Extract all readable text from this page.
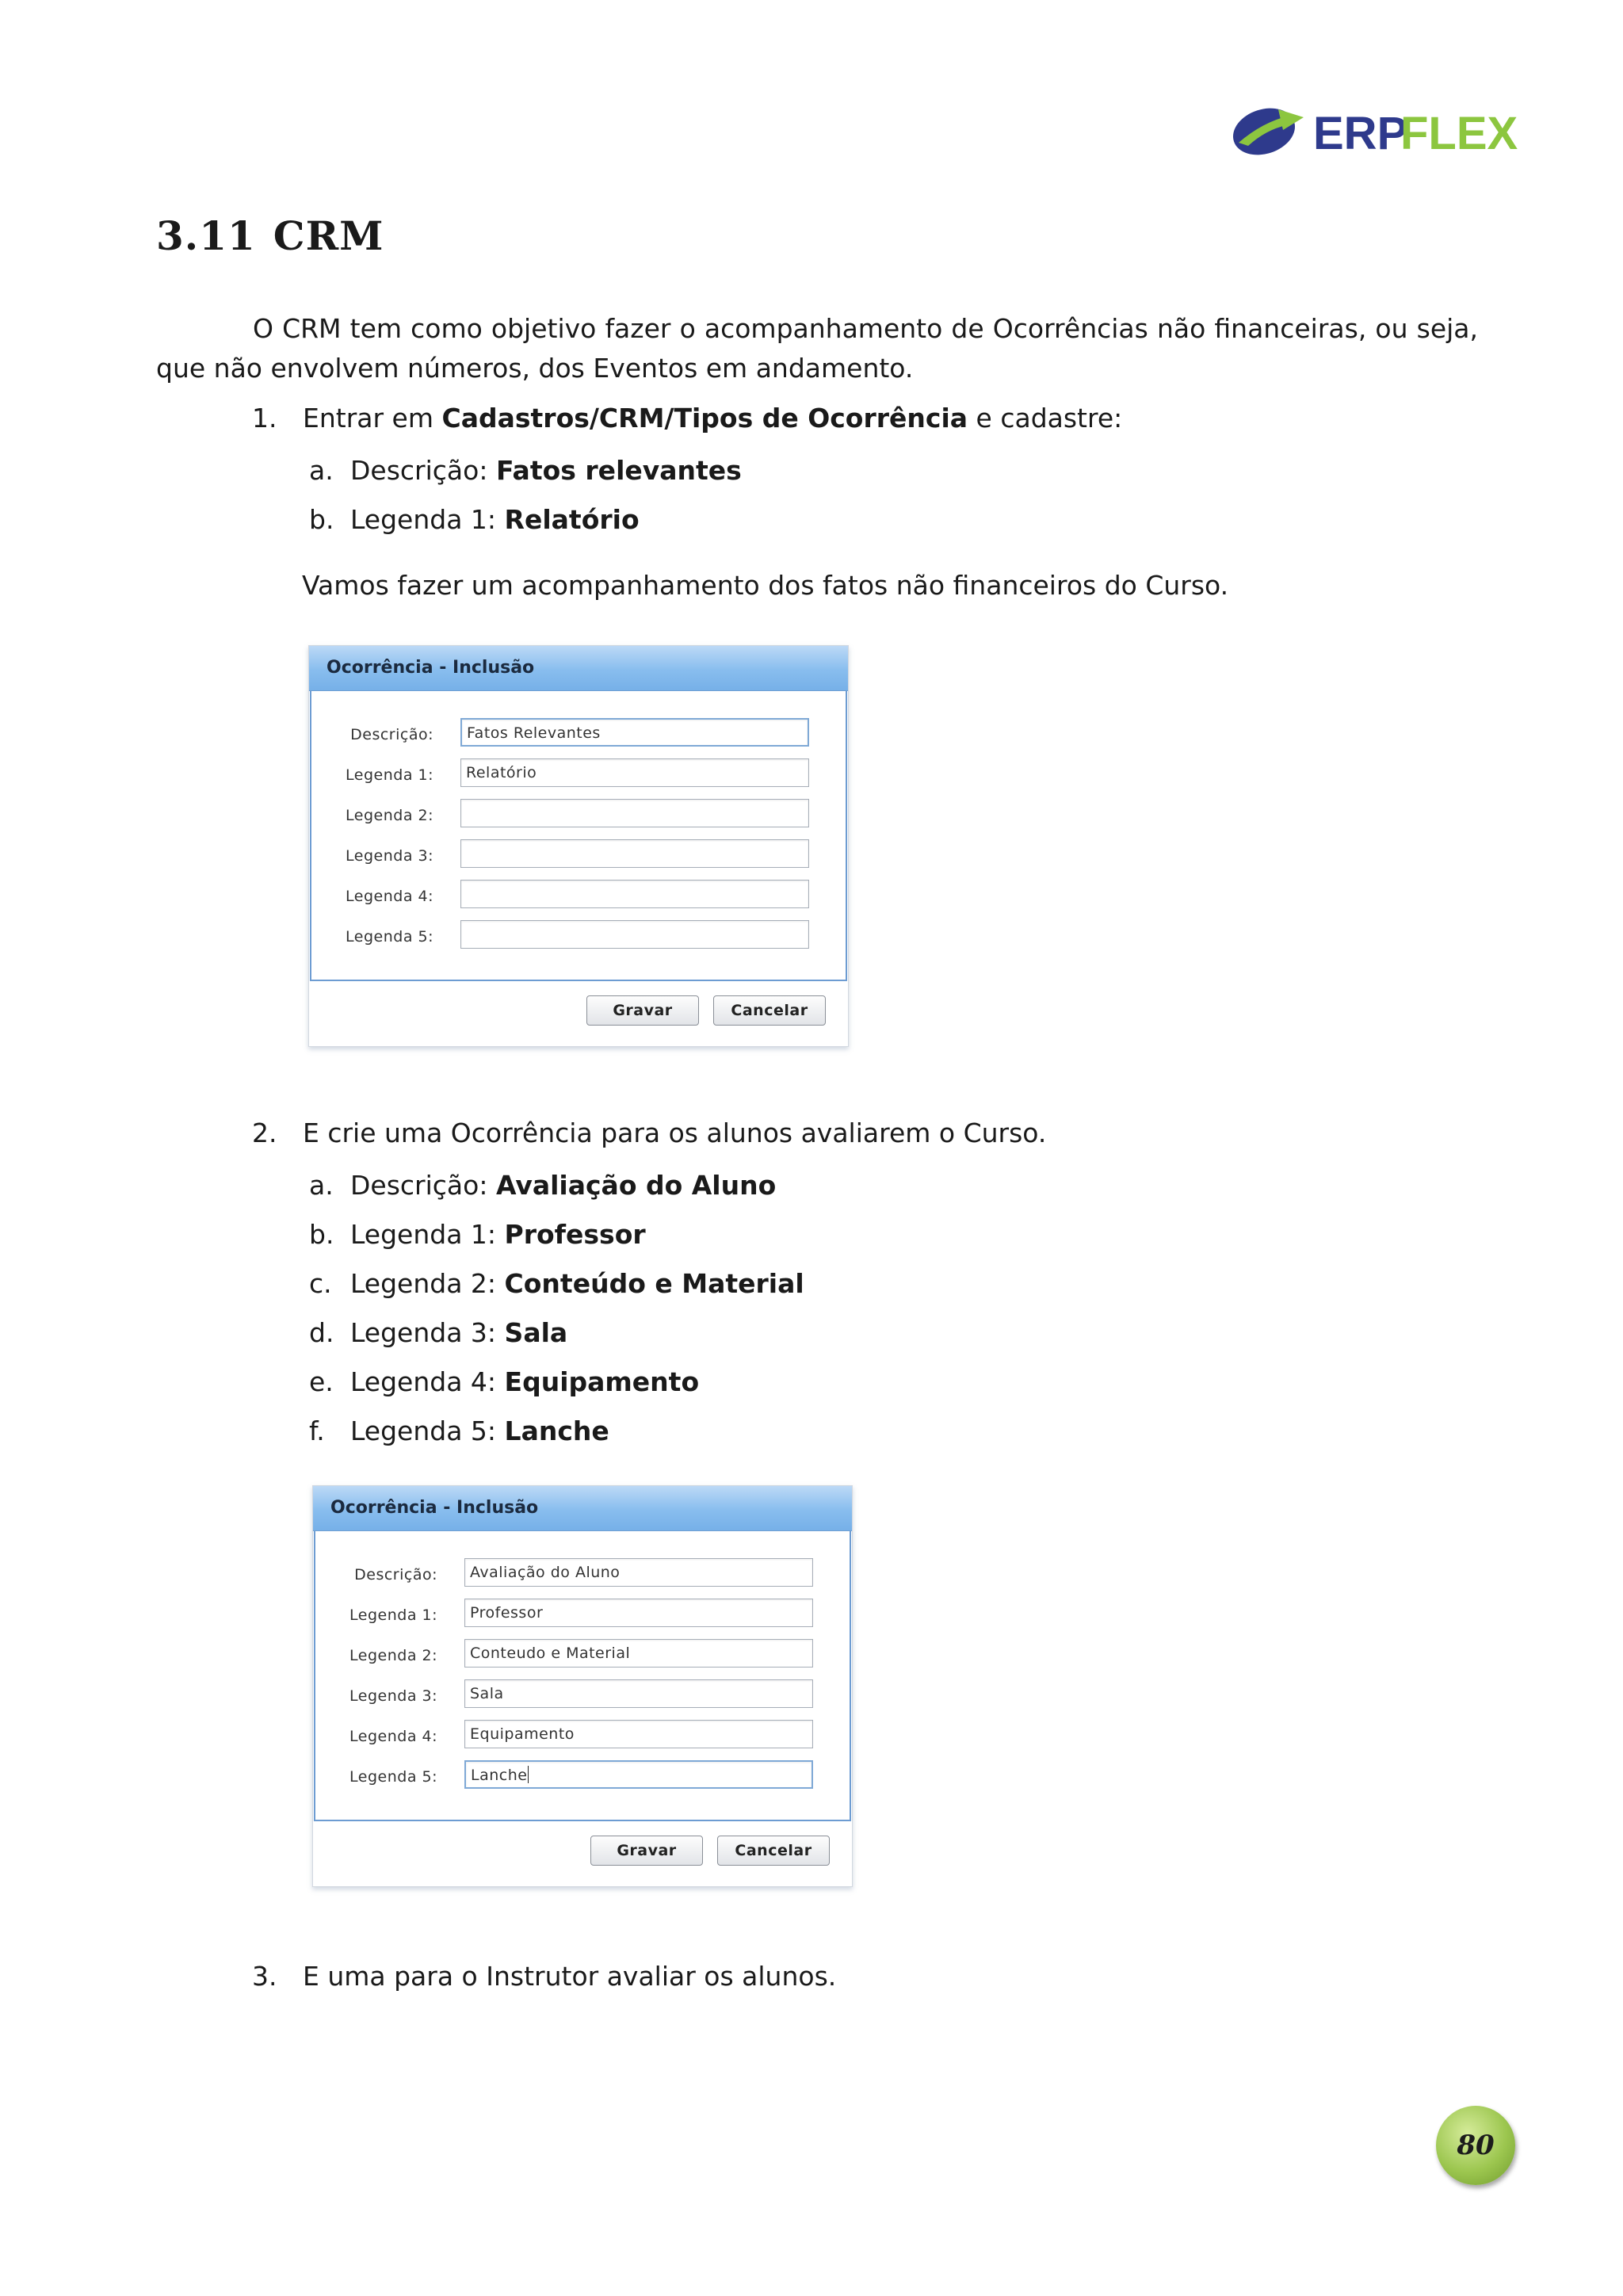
ERP
FLEX
3.11 CRM

O CRM tem como objetivo fazer o acompanhamento de Ocorrências não financeiras, ou seja, que não envolvem números, dos Eventos em andamento.

1. Entrar em Cadastros/CRM/Tipos de Ocorrência e cadastre:

a. Descrição: Fatos relevantes

b. Legenda 1: Relatório

Vamos fazer um acompanhamento dos fatos não financeiros do Curso.

Ocorrência - Inclusão
Descrição:	Fatos Relevantes
Legenda 1:	Relatório
Legenda 2:
Legenda 3:
Legenda 4:
Legenda 5:
Gravar	Cancelar

2. E crie uma Ocorrência para os alunos avaliarem o Curso.

a. Descrição: Avaliação do Aluno

b. Legenda 1: Professor

c. Legenda 2: Conteúdo e Material

d. Legenda 3: Sala

e. Legenda 4: Equipamento

f. Legenda 5: Lanche

Ocorrência - Inclusão
Descrição:	Avaliação do Aluno
Legenda 1:	Professor
Legenda 2:	Conteudo e Material
Legenda 3:	Sala
Legenda 4:	Equipamento
Legenda 5:	Lanche
Gravar	Cancelar

3. E uma para o Instrutor avaliar os alunos.

80
